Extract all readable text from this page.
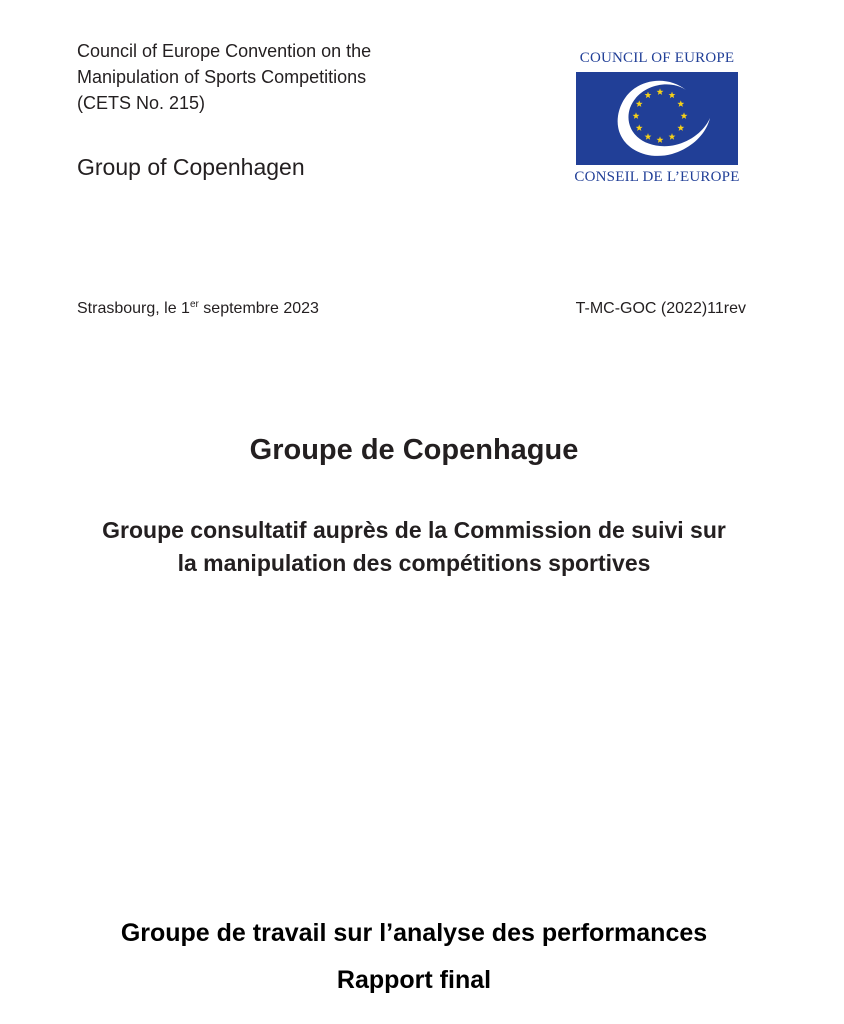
Council of Europe Convention on the
Manipulation of Sports Competitions
(CETS No. 215)
Group of Copenhagen
COUNCIL OF EUROPE
CONSEIL DE L’EUROPE
Strasbourg, le 1er septembre 2023	T-MC-GOC (2022)11rev
Groupe de Copenhague
Groupe consultatif auprès de la Commission de suivi sur
la manipulation des compétitions sportives
Groupe de travail sur l’analyse des performances
Rapport final
